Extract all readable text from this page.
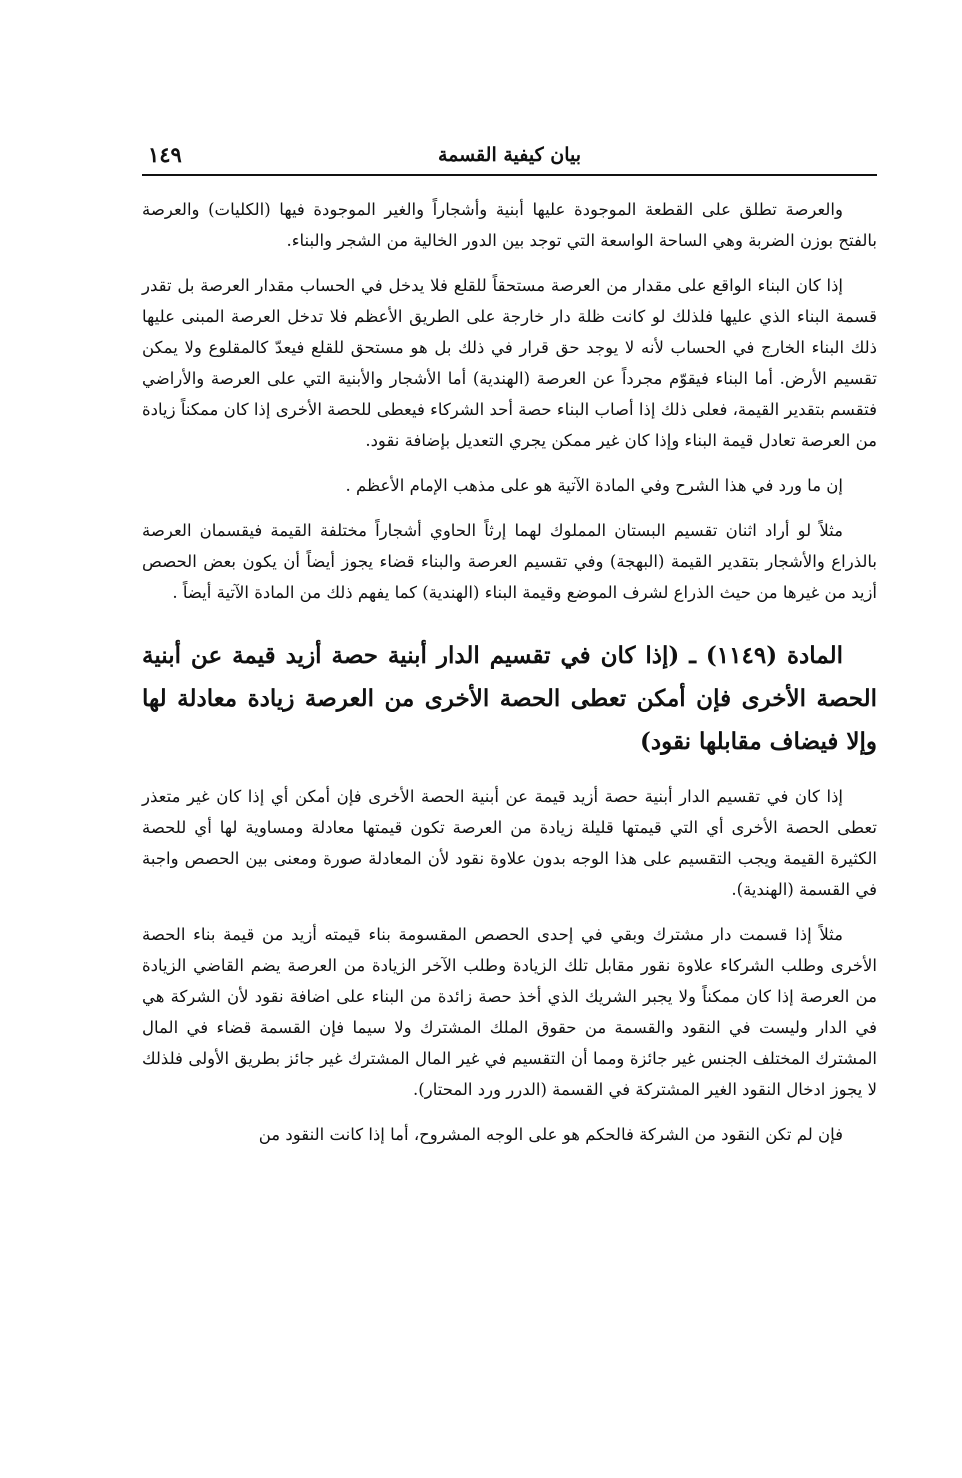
بيان كيفية القسمة
١٤٩

والعرصة تطلق على القطعة الموجودة عليها أبنية وأشجاراً والغير الموجودة فيها (الكليات) والعرصة بالفتح بوزن الضربة وهي الساحة الواسعة التي توجد بين الدور الخالية من الشجر والبناء.

إذا كان البناء الواقع على مقدار من العرصة مستحقاً للقلع فلا يدخل في الحساب مقدار العرصة بل تقدر قسمة البناء الذي عليها فلذلك لو كانت ظلة دار خارجة على الطريق الأعظم فلا تدخل العرصة المبنى عليها ذلك البناء الخارج في الحساب لأنه لا يوجد حق قرار في ذلك بل هو مستحق للقلع فيعدّ كالمقلوع ولا يمكن تقسيم الأرض. أما البناء فيقوّم مجرداً عن العرصة (الهندية) أما الأشجار والأبنية التي على العرصة والأراضي فتقسم بتقدير القيمة، فعلى ذلك إذا أصاب البناء حصة أحد الشركاء فيعطى للحصة الأخرى إذا كان ممكناً زيادة من العرصة تعادل قيمة البناء وإذا كان غير ممكن يجري التعديل بإضافة نقود.

إن ما ورد في هذا الشرح وفي المادة الآتية هو على مذهب الإمام الأعظم .

مثلاً لو أراد اثنان تقسيم البستان المملوك لهما إرثاً الحاوي أشجاراً مختلفة القيمة فيقسمان العرصة بالذراع والأشجار بتقدير القيمة (البهجة) وفي تقسيم العرصة والبناء قضاء يجوز أيضاً أن يكون بعض الحصص أزيد من غيرها من حيث الذراع لشرف الموضع وقيمة البناء (الهندية) كما يفهم ذلك من المادة الآتية أيضاً .

المادة (١١٤٩) ـ (إذا كان في تقسيم الدار أبنية حصة أزيد قيمة عن أبنية الحصة الأخرى فإن أمكن تعطى الحصة الأخرى من العرصة زيادة معادلة لها وإلا فيضاف مقابلها نقود)

إذا كان في تقسيم الدار أبنية حصة أزيد قيمة عن أبنية الحصة الأخرى فإن أمكن أي إذا كان غير متعذر تعطى الحصة الأخرى أي التي قيمتها قليلة زيادة من العرصة تكون قيمتها معادلة ومساوية لها أي للحصة الكثيرة القيمة ويجب التقسيم على هذا الوجه بدون علاوة نقود لأن المعادلة صورة ومعنى بين الحصص واجبة في القسمة (الهندية).

مثلاً إذا قسمت دار مشترك وبقي في إحدى الحصص المقسومة بناء قيمته أزيد من قيمة بناء الحصة الأخرى وطلب الشركاء علاوة نقور مقابل تلك الزيادة وطلب الآخر الزيادة من العرصة يضم القاضي الزيادة من العرصة إذا كان ممكناً ولا يجبر الشريك الذي أخذ حصة زائدة من البناء على اضافة نقود لأن الشركة هي في الدار وليست في النقود والقسمة من حقوق الملك المشترك ولا سيما فإن القسمة قضاء في المال المشترك المختلف الجنس غير جائزة ومما أن التقسيم في غير المال المشترك غير جائز بطريق الأولى فلذلك لا يجوز ادخال النقود الغير المشتركة في القسمة (الدرر ورد المحتار).

فإن لم تكن النقود من الشركة فالحكم هو على الوجه المشروح، أما إذا كانت النقود من
